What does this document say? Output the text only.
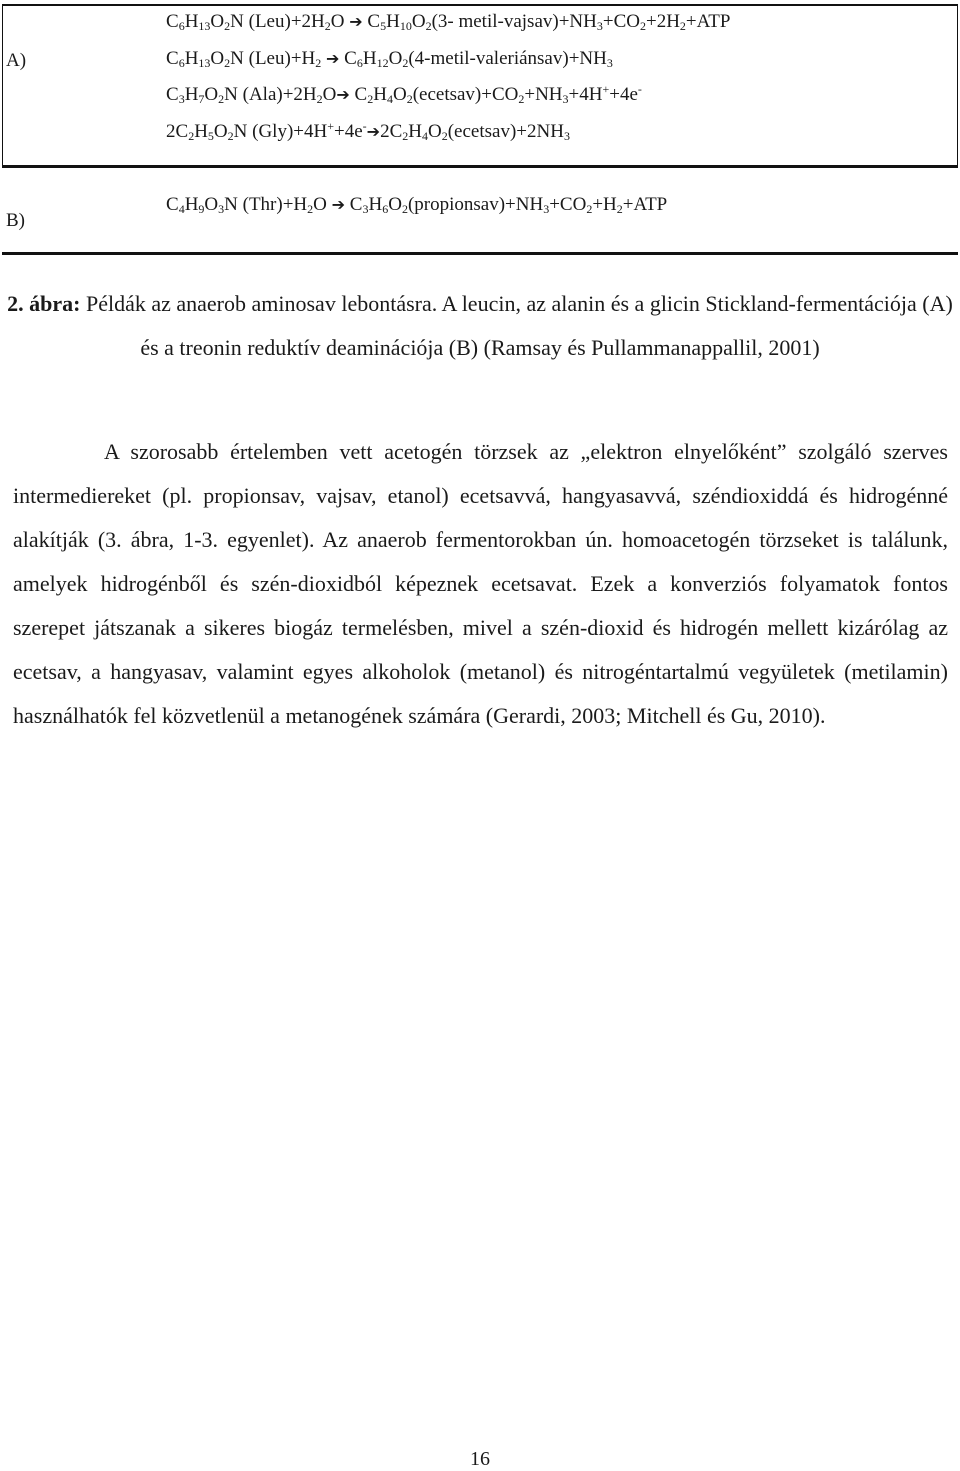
A)
$C_6H_{13}O_2N$ $(Leu)+2H_2O$ ➔ $C_5H_{10}O_2(3-$ metil-$vajsav)+NH_3+CO_2+2H_2+ATP$
$C_6H_{13}O_2N$ $(Leu)+H_2$ ➔ $C_6H_{12}O_2(4-metil-valeriánsav)+NH_3$
$C_3H_7O_2N$ $(Ala)+2H_2O➔$ $C_2H_4O_2(ecetsav)+CO_2+NH_3+4H^++4e^-$
$2C_2H_5O_2N$ $(Gly)+4H^++4e^-➔2C_2H_4O_2(ecetsav)+2NH_3$
B)
$C_4H_9O_3N$ $(Thr)+H_2O$ ➔ $C_3H_6O_2(propionsav)+NH_3+CO_2+H_2+ATP$
2. ábra: Példák az anaerob aminosav lebontásra. A leucin, az alanin és a glicin Stickland-fermentációja (A) és a treonin reduktív deaminációja (B) (Ramsay és Pullammanappallil, 2001)
A szorosabb értelemben vett acetogén törzsek az „elektron elnyelőként” szolgáló szerves intermediereket (pl. propionsav, vajsav, etanol) ecetsavvá, hangyasavvá, széndioxiddá és hidrogénné alakítják (3. ábra, 1-3. egyenlet). Az anaerob fermentorokban ún. homoacetogén törzseket is találunk, amelyek hidrogénből és szén-dioxidból képeznek ecetsavat. Ezek a konverziós folyamatok fontos szerepet játszanak a sikeres biogáz termelésben, mivel a szén-dioxid és hidrogén mellett kizárólag az ecetsav, a hangyasav, valamint egyes alkoholok (metanol) és nitrogéntartalmú vegyületek (metilamin) használhatók fel közvetlenül a metanogének számára (Gerardi, 2003; Mitchell és Gu, 2010).
16
